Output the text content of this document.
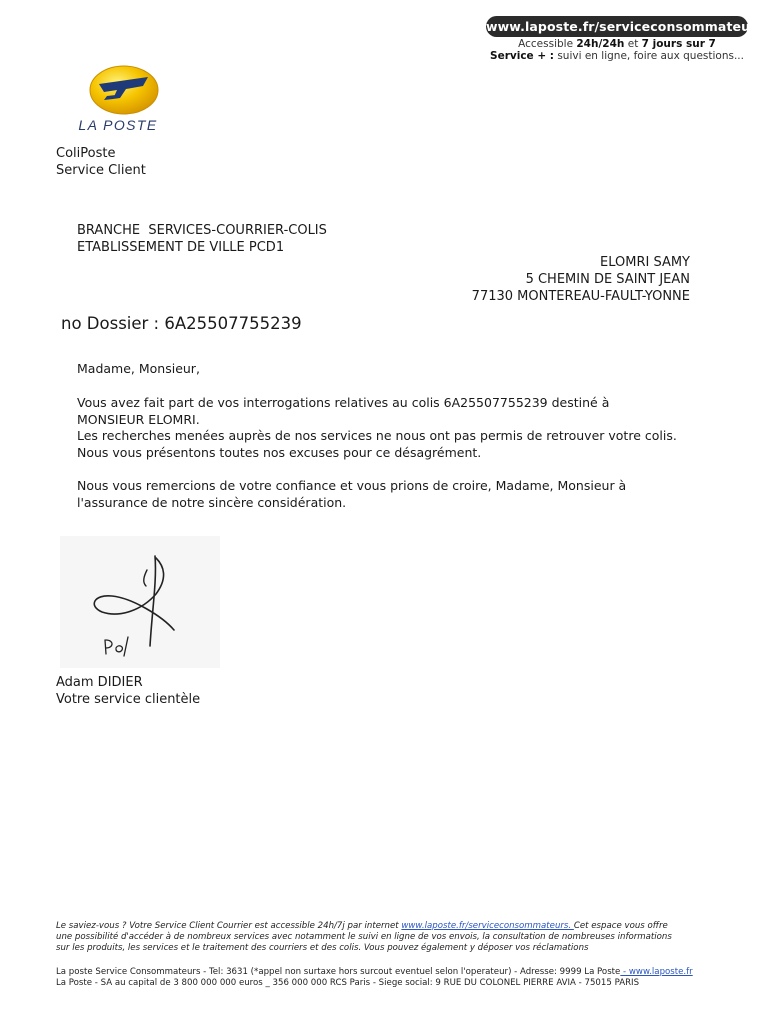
www.laposte.fr/serviceconsommateurs
Accessible 24h/24h et 7 jours sur 7
Service + : suivi en ligne, foire aux questions...
LA POSTE
ColiPoste
Service Client
BRANCHE  SERVICES-COURRIER-COLIS
ETABLISSEMENT DE VILLE PCD1
ELOMRI SAMY
5 CHEMIN DE SAINT JEAN
77130 MONTEREAU-FAULT-YONNE
no Dossier : 6A25507755239
Madame, Monsieur,
Vous avez fait part de vos interrogations relatives au colis 6A25507755239 destiné à
MONSIEUR ELOMRI.
Les recherches menées auprès de nos services ne nous ont pas permis de retrouver votre colis.
Nous vous présentons toutes nos excuses pour ce désagrément.
Nous vous remercions de votre confiance et vous prions de croire, Madame, Monsieur à
l'assurance de notre sincère considération.
Adam DIDIER
Votre service clientèle
Le saviez-vous ? Votre Service Client Courrier est accessible 24h/7j par internet www.laposte.fr/serviceconsommateurs. Cet espace vous offre une possibilité d'accéder à de nombreux services avec notamment le suivi en ligne de vos envois, la consultation de nombreuses informations sur les produits, les services et le traitement des courriers et des colis. Vous pouvez également y déposer vos réclamations
La poste Service Consommateurs - Tel: 3631 (*appel non surtaxe hors surcout eventuel selon l'operateur) - Adresse: 9999 La Poste - www.laposte.fr
La Poste - SA au capital de 3 800 000 000 euros _ 356 000 000 RCS Paris - Siege social: 9 RUE DU COLONEL PIERRE AVIA - 75015 PARIS
